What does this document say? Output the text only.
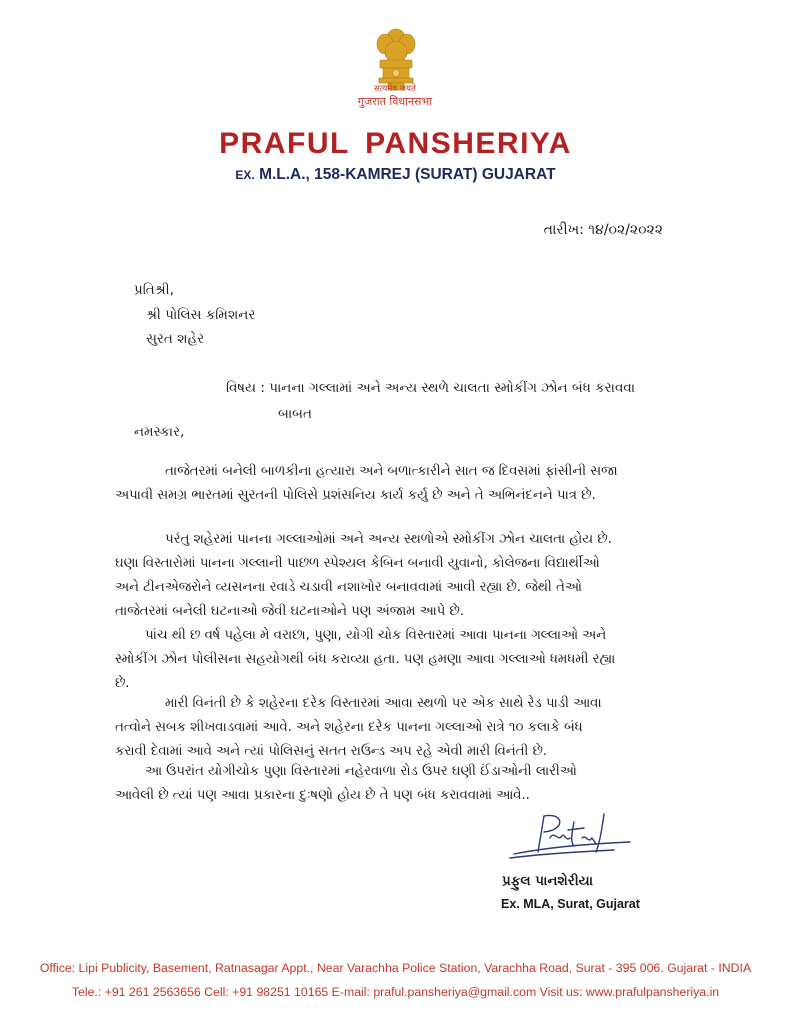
सत्यमेव जयते
गुजरात विधानसभा
PRAFUL PANSHERIYA
EX. M.L.A., 158-KAMREJ (SURAT) GUJARAT
તારીખ: ૧૪/૦૨/૨૦૨૨
પ્રતિશ્રી,
શ્રી પોલિસ કમિશનર
સુરત શહેર
વિષય : પાનના ગલ્લામાં અને અન્ય સ્થળે ચાલતા સ્મોકીંગ ઝોન બંધ કરાવવા
બાબત
નમસ્કાર,
તાજેતરમાં બનેલી બાળકીના હત્યારા અને બળાત્કારીને સાત જ દિવસમાં ફાંસીની સજા
અપાવી સમગ્ર ભારતમાં સુરતની પોલિસે પ્રશંસનિય કાર્ય કર્યુ છે અને તે અભિનંદનને પાત્ર છે.
પરંતુ શહેરમાં પાનના ગલ્લાઓમાં અને અન્ય સ્થળોએ સ્મોકીંગ ઝોન ચાલતા હોય છે.
ઘણા વિસ્તારોમાં પાનના ગલ્લાની પાછળ સ્પેશ્યલ કેબિન બનાવી યુવાનો, કોલેજના વિદ્યાર્થીઓ
અને ટીનએજરોને વ્યસનના રવાડે ચડાવી નશાખોર બનાવવામાં આવી રહ્યા છે. જેથી તેઓ
તાજેતરમાં બનેલી ઘટનાઓ જેવી ઘટનાઓને પણ અંજામ આપે છે.
પાંચ થી છ વર્ષ પહેલા મે વરાછા, પુણા, યોગી ચોક વિસ્તારમાં આવા પાનના ગલ્લાઓ અને
સ્મોકીંગ ઝોન પોલીસના સહયોગથી બંધ કરાવ્યા હતા. પણ હમણા આવા ગલ્લાઓ ધમધમી રહ્યા
છે.
મારી વિનંતી છે કે શહેરના દરેક વિસ્તારમાં આવા સ્થળો પર એક સાથે રેડ પાડી આવા
તત્વોને સબક શીખવાડવામાં આવે. અને શહેરના દરેક પાનના ગલ્લાઓ રાત્રે ૧૦ કલાકે બંધ
કરાવી દેવામાં આવે અને ત્યાં પોલિસનું સતત રાઉન્ડ અપ રહે એવી મારી વિનંતી છે.
આ ઉપરાંત યોગીચોક પુણા વિસ્તારમાં નહેરવાળા રોડ ઉપર ઘણી ઈંડાઓની લારીઓ
આવેલી છે ત્યાં પણ આવા પ્રકારના દુઃષણો હોય છે તે પણ બંધ કરાવવામાં આવે..
પ્રફુલ પાનશેરીયા
Ex. MLA, Surat, Gujarat
Office: Lipi Publicity, Basement, Ratnasagar Appt., Near Varachha Police Station, Varachha Road, Surat - 395 006. Gujarat - INDIA
Tele.: +91 261 2563656 Cell: +91 98251 10165 E-mail: praful.pansheriya@gmail.com Visit us: www.prafulpansheriya.in
